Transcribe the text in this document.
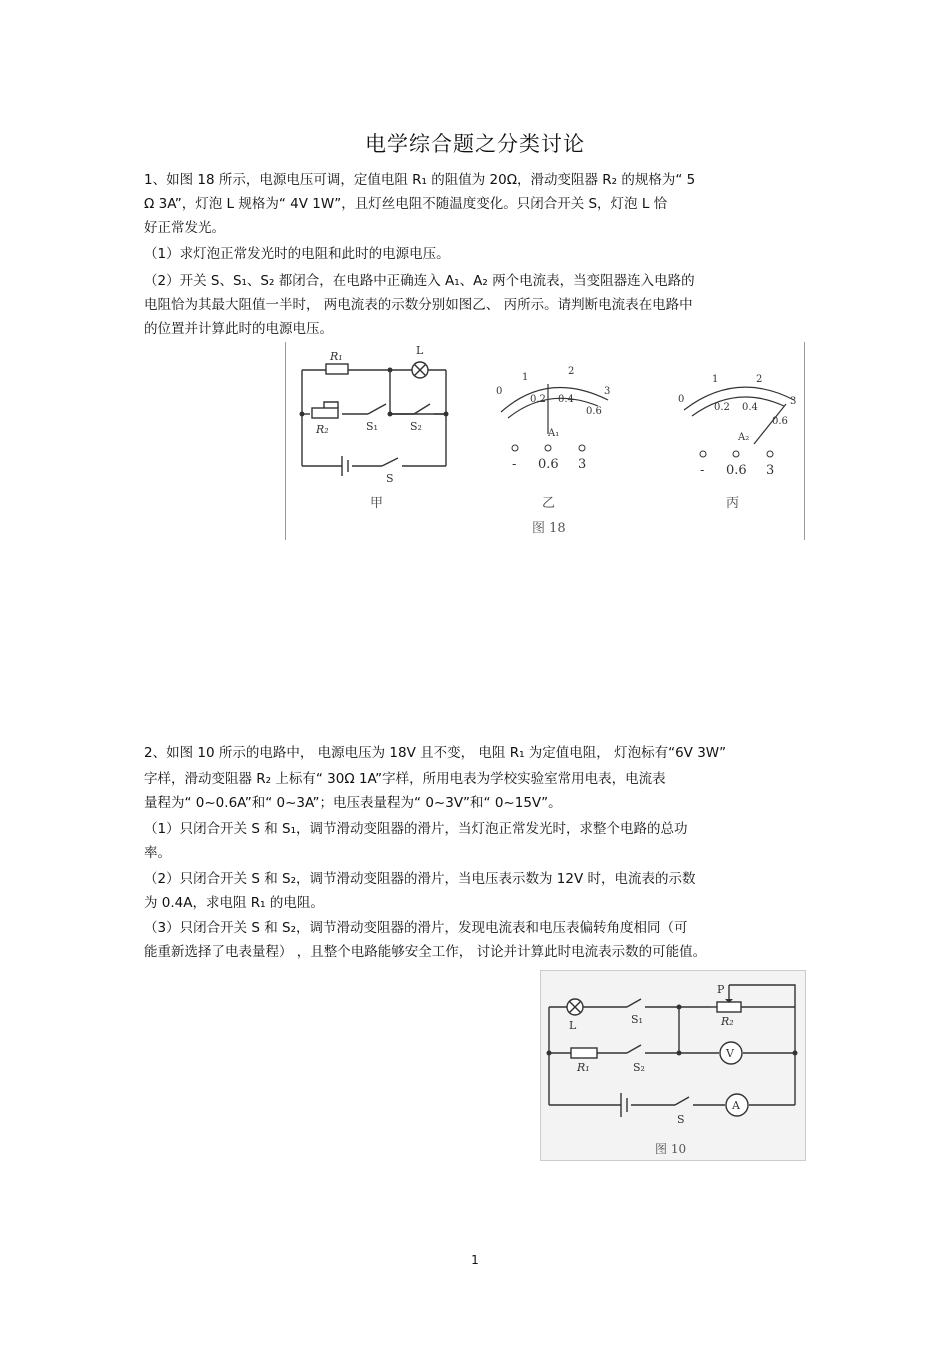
电学综合题之分类讨论
1、如图 18 所示，电源电压可调，定值电阻 R₁ 的阻值为 20Ω，滑动变阻器 R₂ 的规格为“ 5
Ω 3A”，灯泡 L 规格为“ 4V 1W”，且灯丝电阻不随温度变化。只闭合开关 S，灯泡 L 恰
好正常发光。
（1）求灯泡正常发光时的电阻和此时的电源电压。
（2）开关 S、S₁、S₂ 都闭合，在电路中正确连入 A₁、A₂ 两个电流表，当变阻器连入电路的
电阻恰为其最大阻值一半时， 两电流表的示数分别如图乙、 丙所示。请判断电流表在电路中
的位置并计算此时的电源电压。
R₁
R₂
L
S₁	S₂
S
甲
0
1
2
3
0.2 0.4
0.6
A₁
- 0.6 3
乙
0
1	2
3
0.2 0.4
0.6
A₂
- 0.6 3
丙
图 18
2、如图 10 所示的电路中， 电源电压为 18V 且不变， 电阻 R₁ 为定值电阻， 灯泡标有“6V 3W”
字样，滑动变阻器 R₂ 上标有“ 30Ω 1A”字样，所用电表为学校实验室常用电表，电流表
量程为“ 0~0.6A”和“ 0~3A”；电压表量程为“ 0~3V”和“ 0~15V”。
（1）只闭合开关 S 和 S₁，调节滑动变阻器的滑片，当灯泡正常发光时，求整个电路的总功
率。
（2）只闭合开关 S 和 S₂，调节滑动变阻器的滑片，当电压表示数为 12V 时，电流表的示数
为 0.4A，求电阻 R₁ 的电阻。
（3）只闭合开关 S 和 S₂，调节滑动变阻器的滑片，发现电流表和电压表偏转角度相同（可
能重新选择了电表量程） ，且整个电路能够安全工作， 讨论并计算此时电流表示数的可能值。
L	S₁
P
R₂
R₁	S₂
V
A
S
图 10
1
